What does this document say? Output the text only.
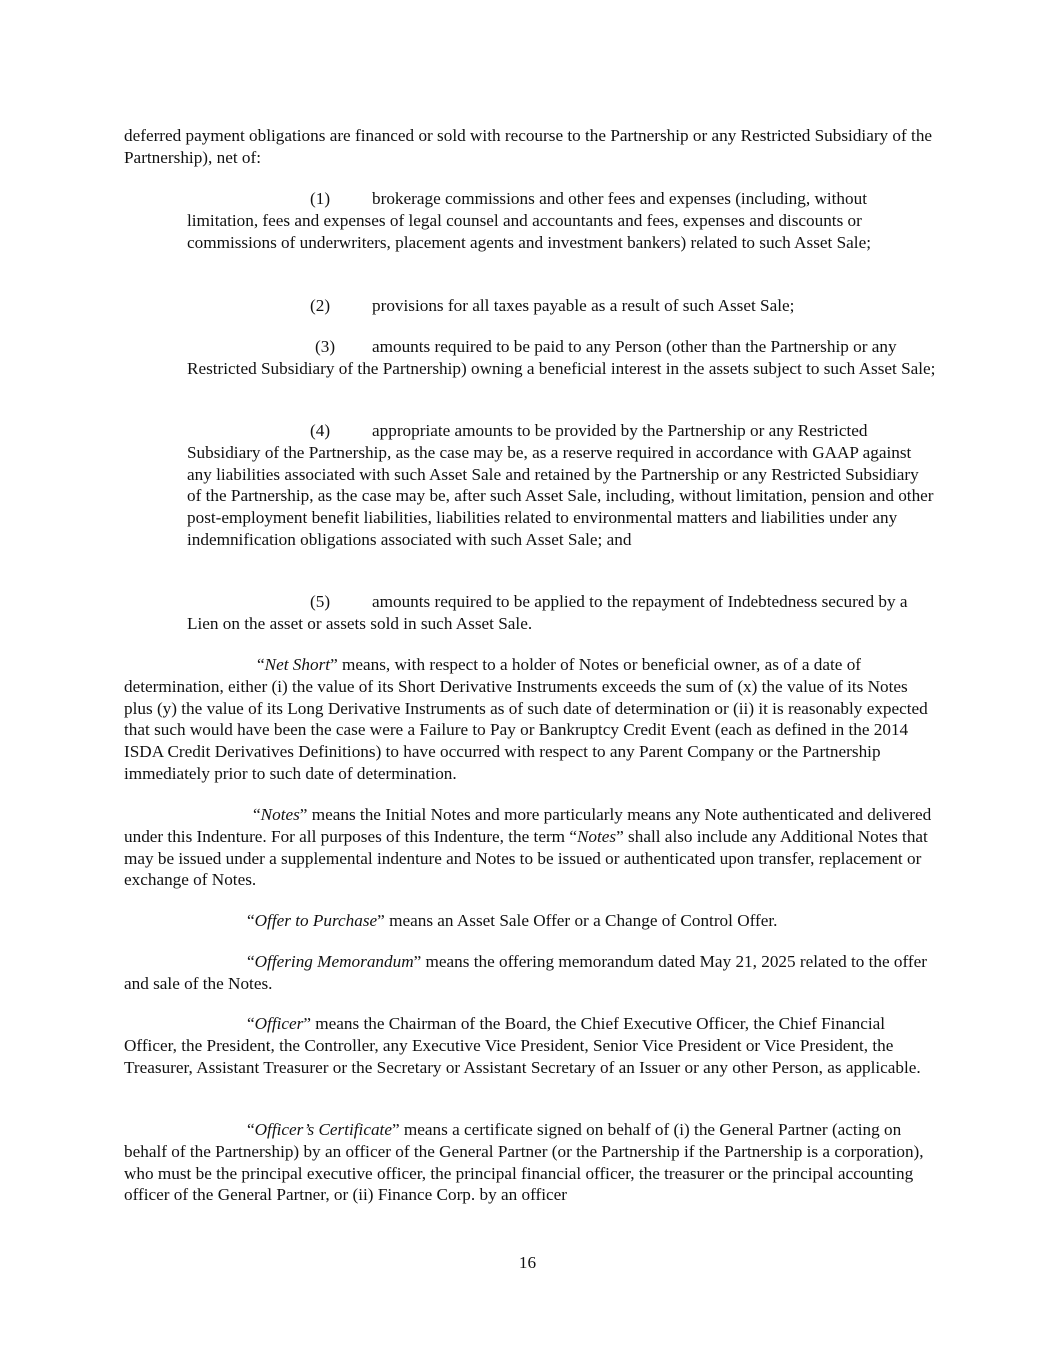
deferred payment obligations are financed or sold with recourse to the Partnership or any Restricted Subsidiary of the Partnership), net of:

(1) brokerage commissions and other fees and expenses (including, without limitation, fees and expenses of legal counsel and accountants and fees, expenses and discounts or commissions of underwriters, placement agents and investment bankers) related to such Asset Sale;

(2) provisions for all taxes payable as a result of such Asset Sale;

(3) amounts required to be paid to any Person (other than the Partnership or any Restricted Subsidiary of the Partnership) owning a beneficial interest in the assets subject to such Asset Sale;

(4) appropriate amounts to be provided by the Partnership or any Restricted Subsidiary of the Partnership, as the case may be, as a reserve required in accordance with GAAP against any liabilities associated with such Asset Sale and retained by the Partnership or any Restricted Subsidiary of the Partnership, as the case may be, after such Asset Sale, including, without limitation, pension and other post-employment benefit liabilities, liabilities related to environmental matters and liabilities under any indemnification obligations associated with such Asset Sale; and

(5) amounts required to be applied to the repayment of Indebtedness secured by a Lien on the asset or assets sold in such Asset Sale.

“Net Short” means, with respect to a holder of Notes or beneficial owner, as of a date of determination, either (i) the value of its Short Derivative Instruments exceeds the sum of (x) the value of its Notes plus (y) the value of its Long Derivative Instruments as of such date of determination or (ii) it is reasonably expected that such would have been the case were a Failure to Pay or Bankruptcy Credit Event (each as defined in the 2014 ISDA Credit Derivatives Definitions) to have occurred with respect to any Parent Company or the Partnership immediately prior to such date of determination.

“Notes” means the Initial Notes and more particularly means any Note authenticated and delivered under this Indenture. For all purposes of this Indenture, the term “Notes” shall also include any Additional Notes that may be issued under a supplemental indenture and Notes to be issued or authenticated upon transfer, replacement or exchange of Notes.

“Offer to Purchase” means an Asset Sale Offer or a Change of Control Offer.

“Offering Memorandum” means the offering memorandum dated May 21, 2025 related to the offer and sale of the Notes.

“Officer” means the Chairman of the Board, the Chief Executive Officer, the Chief Financial Officer, the President, the Controller, any Executive Vice President, Senior Vice President or Vice President, the Treasurer, Assistant Treasurer or the Secretary or Assistant Secretary of an Issuer or any other Person, as applicable.

“Officer’s Certificate” means a certificate signed on behalf of (i) the General Partner (acting on behalf of the Partnership) by an officer of the General Partner (or the Partnership if the Partnership is a corporation), who must be the principal executive officer, the principal financial officer, the treasurer or the principal accounting officer of the General Partner, or (ii) Finance Corp. by an officer

16
